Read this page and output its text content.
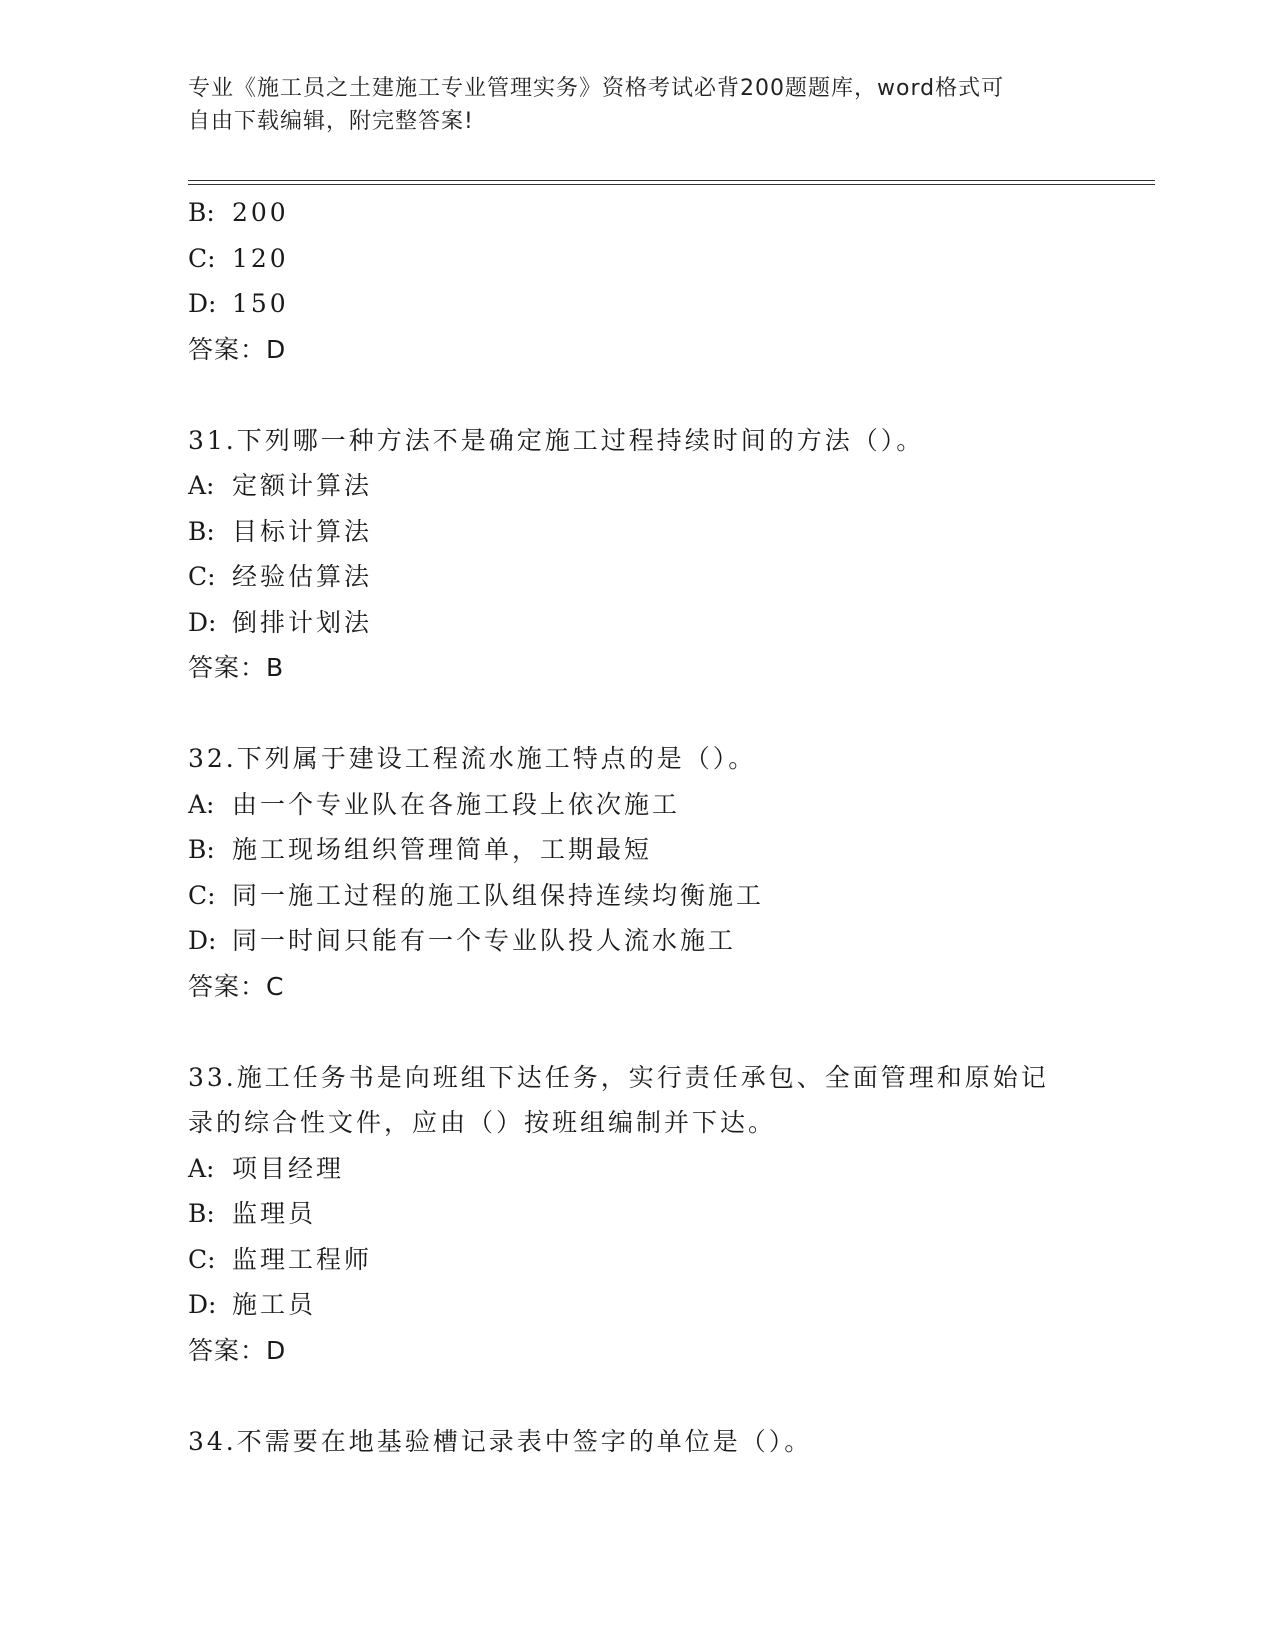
专业《施工员之土建施工专业管理实务》资格考试必背200题题库，word格式可
自由下载编辑，附完整答案!
B: 200
C: 120
D: 150
答案：D
31.下列哪一种方法不是确定施工过程持续时间的方法（）。
A: 定额计算法
B: 目标计算法
C: 经验估算法
D: 倒排计划法
答案：B
32.下列属于建设工程流水施工特点的是（）。
A: 由一个专业队在各施工段上依次施工
B: 施工现场组织管理简单，工期最短
C: 同一施工过程的施工队组保持连续均衡施工
D: 同一时间只能有一个专业队投人流水施工
答案：C
33.施工任务书是向班组下达任务，实行责任承包、全面管理和原始记
录的综合性文件，应由（）按班组编制并下达。
A: 项目经理
B: 监理员
C: 监理工程师
D: 施工员
答案：D
34.不需要在地基验槽记录表中签字的单位是（）。
